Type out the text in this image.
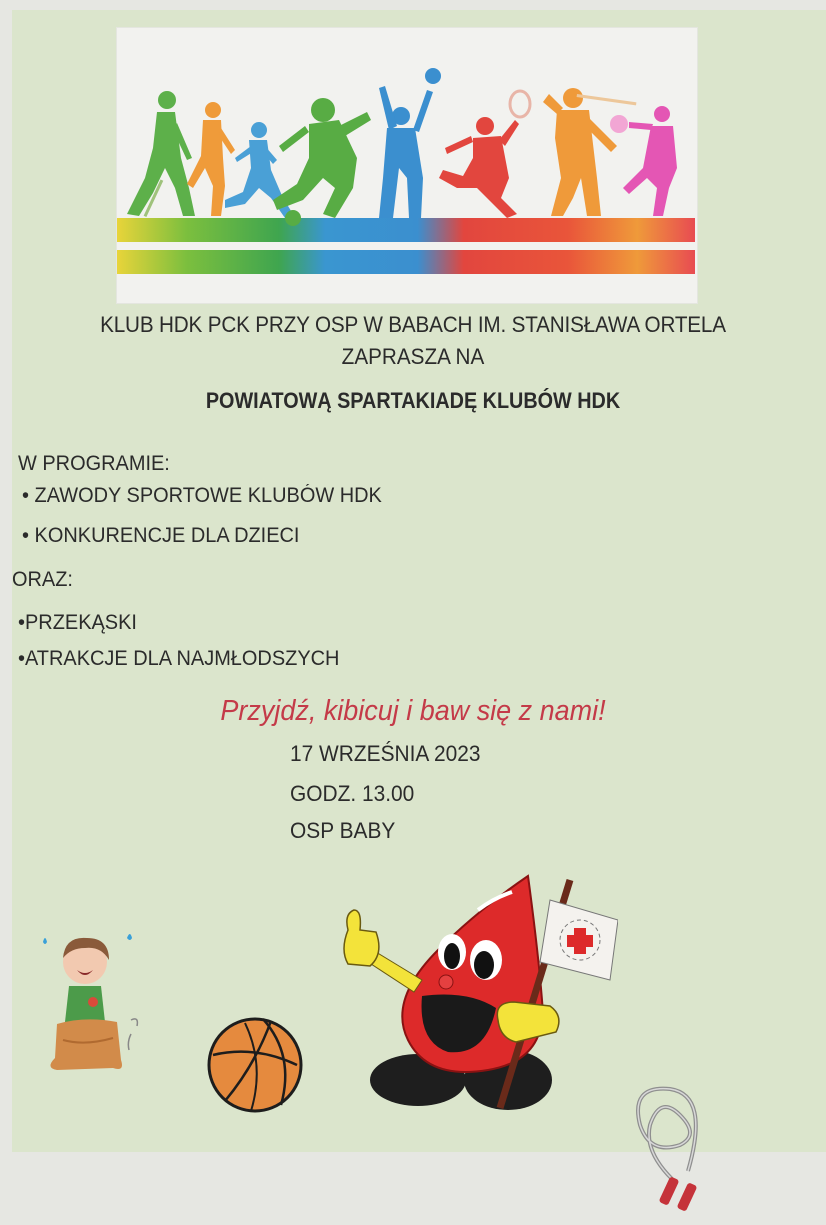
KLUB HDK PCK PRZY OSP W BABACH IM. STANISŁAWA ORTELA
ZAPRASZA NA
POWIATOWĄ SPARTAKIADĘ KLUBÓW HDK
W PROGRAMIE:
• ZAWODY SPORTOWE KLUBÓW HDK
• KONKURENCJE DLA DZIECI
ORAZ:
•PRZEKĄSKI
•ATRAKCJE DLA NAJMŁODSZYCH
Przyjdź, kibicuj i baw się z nami!
17 WRZEŚNIA 2023
GODZ. 13.00
OSP BABY
